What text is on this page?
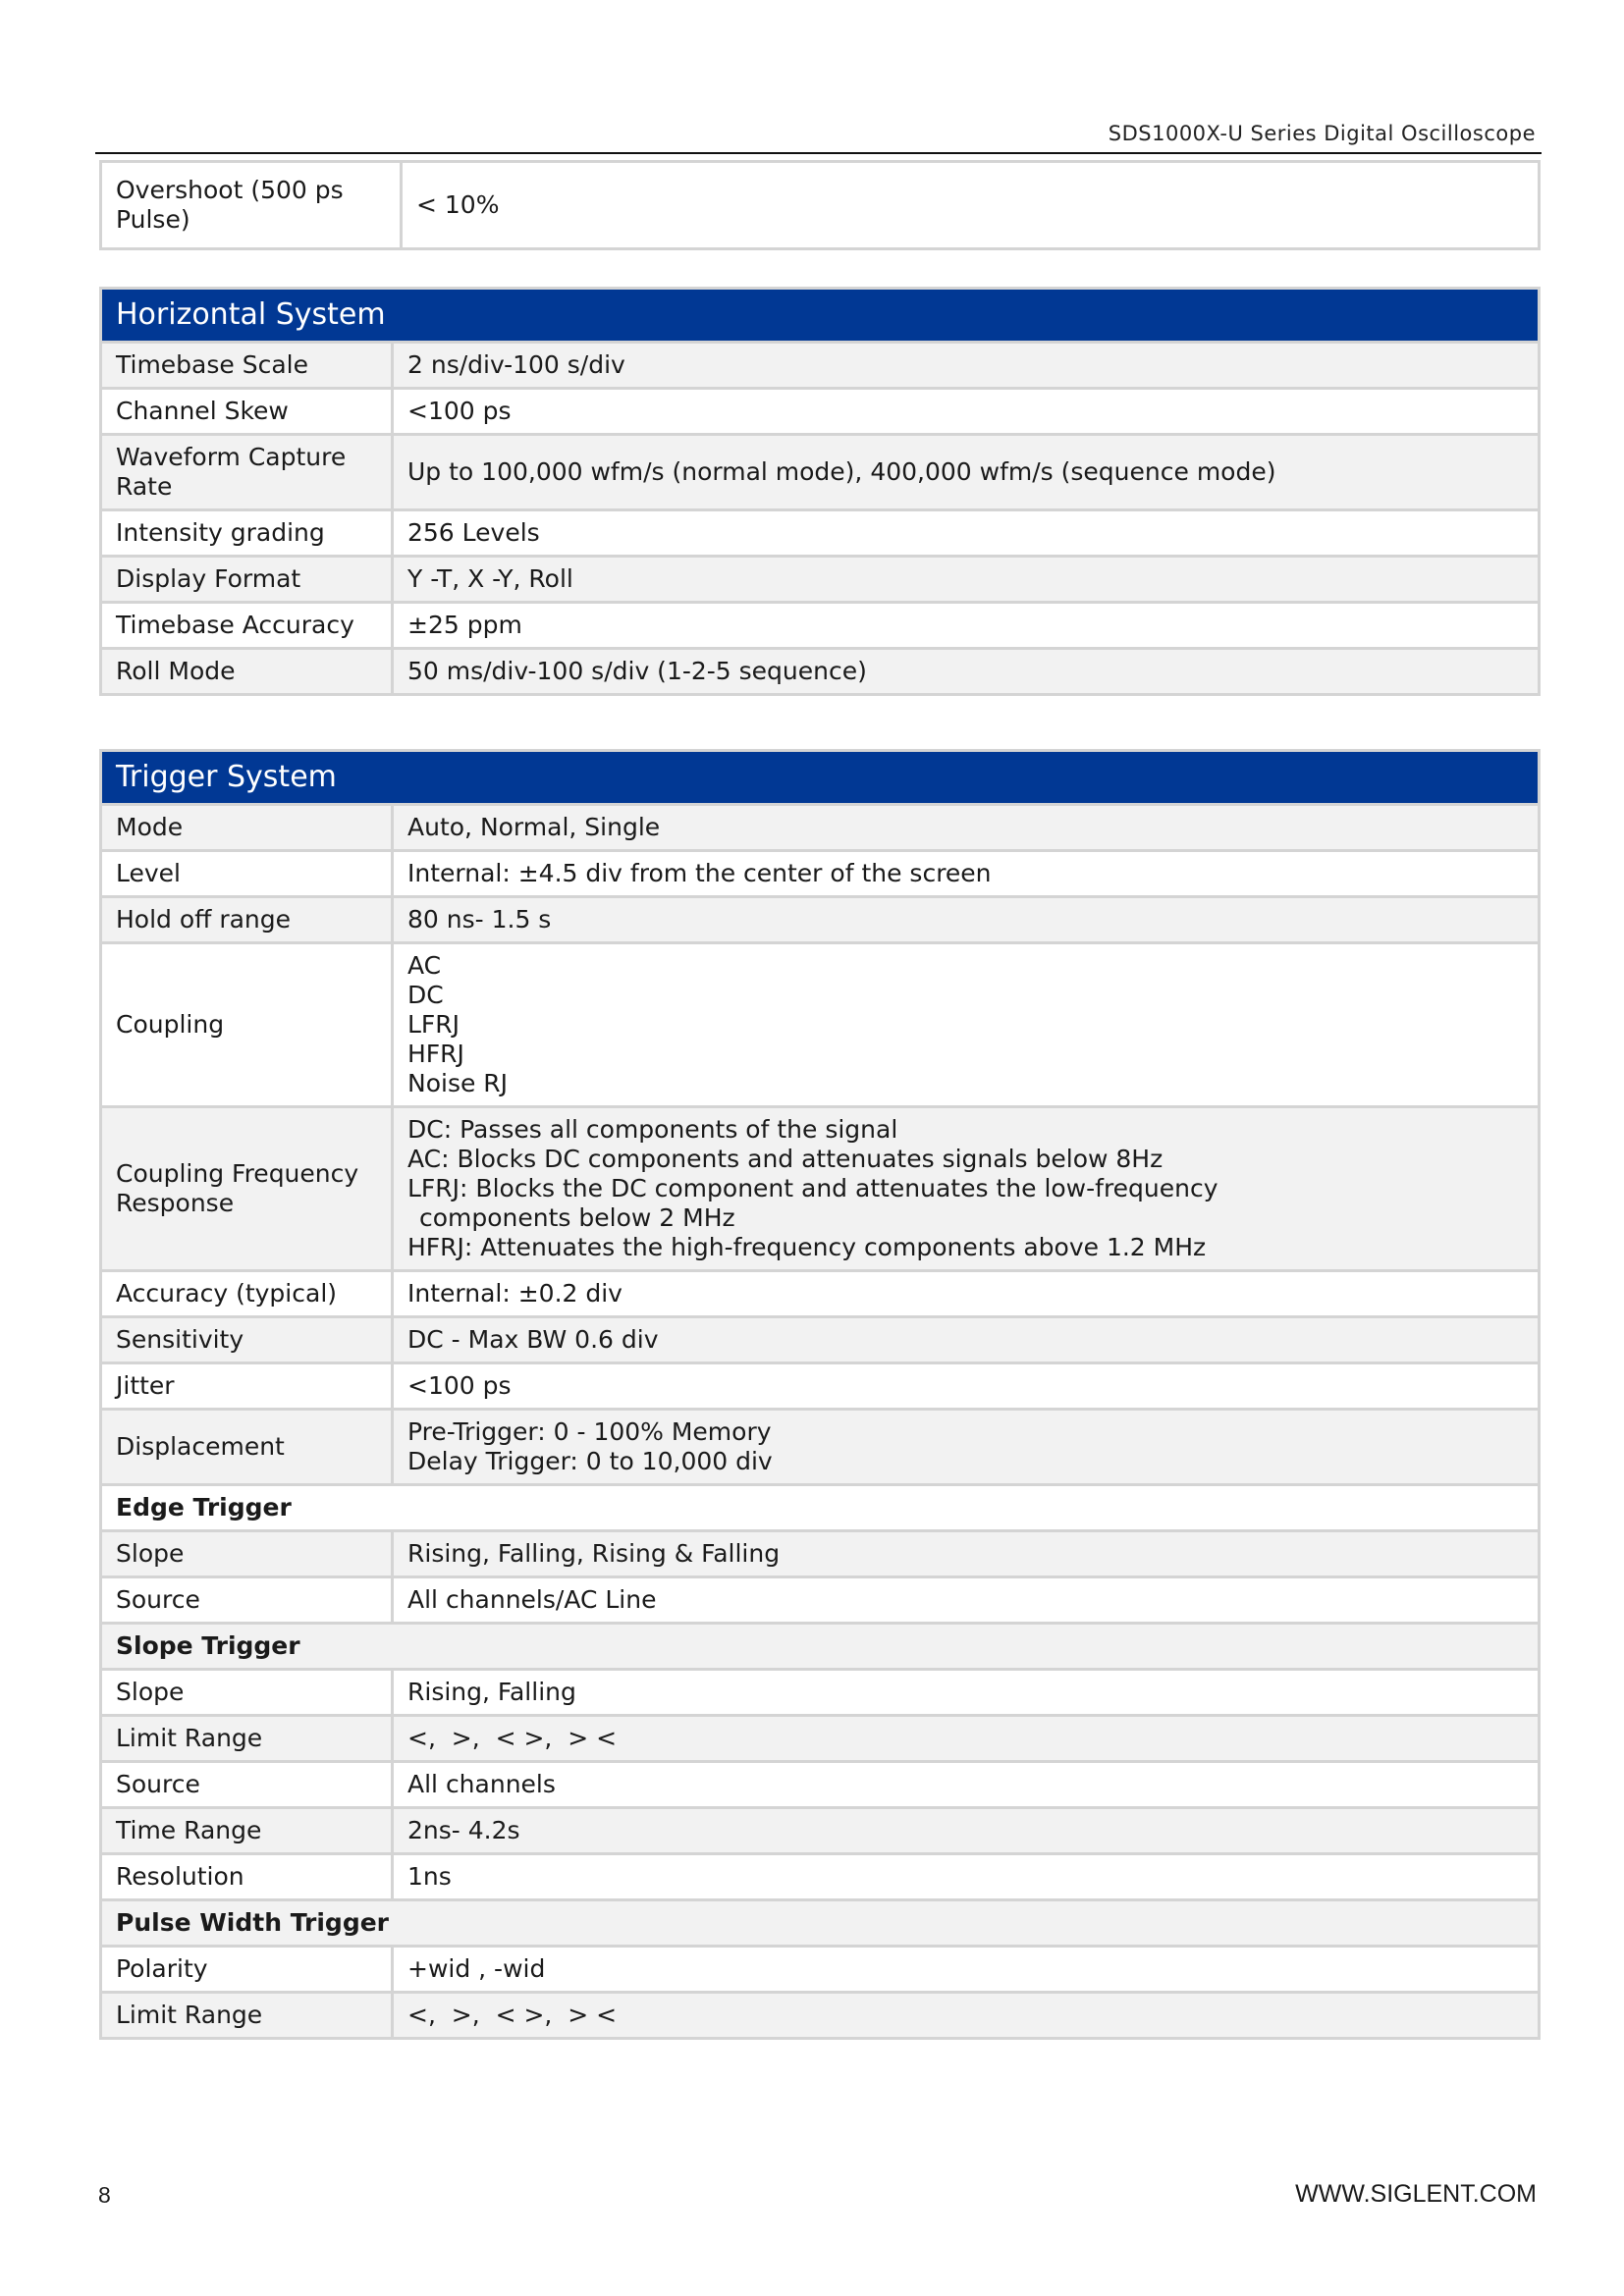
SDS1000X-U Series Digital Oscilloscope
Overshoot (500 ps
Pulse)
	< 10%
Horizontal System	
Timebase Scale	2 ns/div-100 s/div
Channel Skew	<100 ps

Waveform Capture
Rate	Up to 100,000 wfm/s (normal mode), 400,000 wfm/s (sequence mode)
Intensity grading	256 Levels
Display Format	Y -T, X -Y, Roll
Timebase Accuracy	±25 ppm
Roll Mode	50 ms/div-100 s/div (1-2-5 sequence)
Trigger System	
Mode	Auto, Normal, Single
Level	Internal: ±4.5 div from the center of the screen
Hold off range	80 ns- 1.5 s
Coupling	AC
DC
LFRJ
HFRJ
Noise RJ

Coupling Frequency
Response	DC: Passes all components of the signal
AC: Blocks DC components and attenuates signals below 8Hz
LFRJ: Blocks the DC component and attenuates the low-frequency
components below 2 MHz
HFRJ: Attenuates the high-frequency components above 1.2 MHz

Accuracy (typical)	Internal: ±0.2 div
Sensitivity	DC - Max BW 0.6 div
Jitter	<100 ps
Displacement	Pre-Trigger: 0 - 100% Memory
Delay Trigger: 0 to 10,000 div

Edge Trigger	
Slope	Rising, Falling, Rising & Falling
Source	All channels/AC Line
Slope Trigger	
Slope	Rising, Falling
Limit Range	<,  >,  < >,  > <
Source	All channels
Time Range	2ns- 4.2s
Resolution	1ns
Pulse Width Trigger	
Polarity	+wid , -wid
Limit Range	<,  >,  < >,  > <
8	WWW.SIGLENT.COM
